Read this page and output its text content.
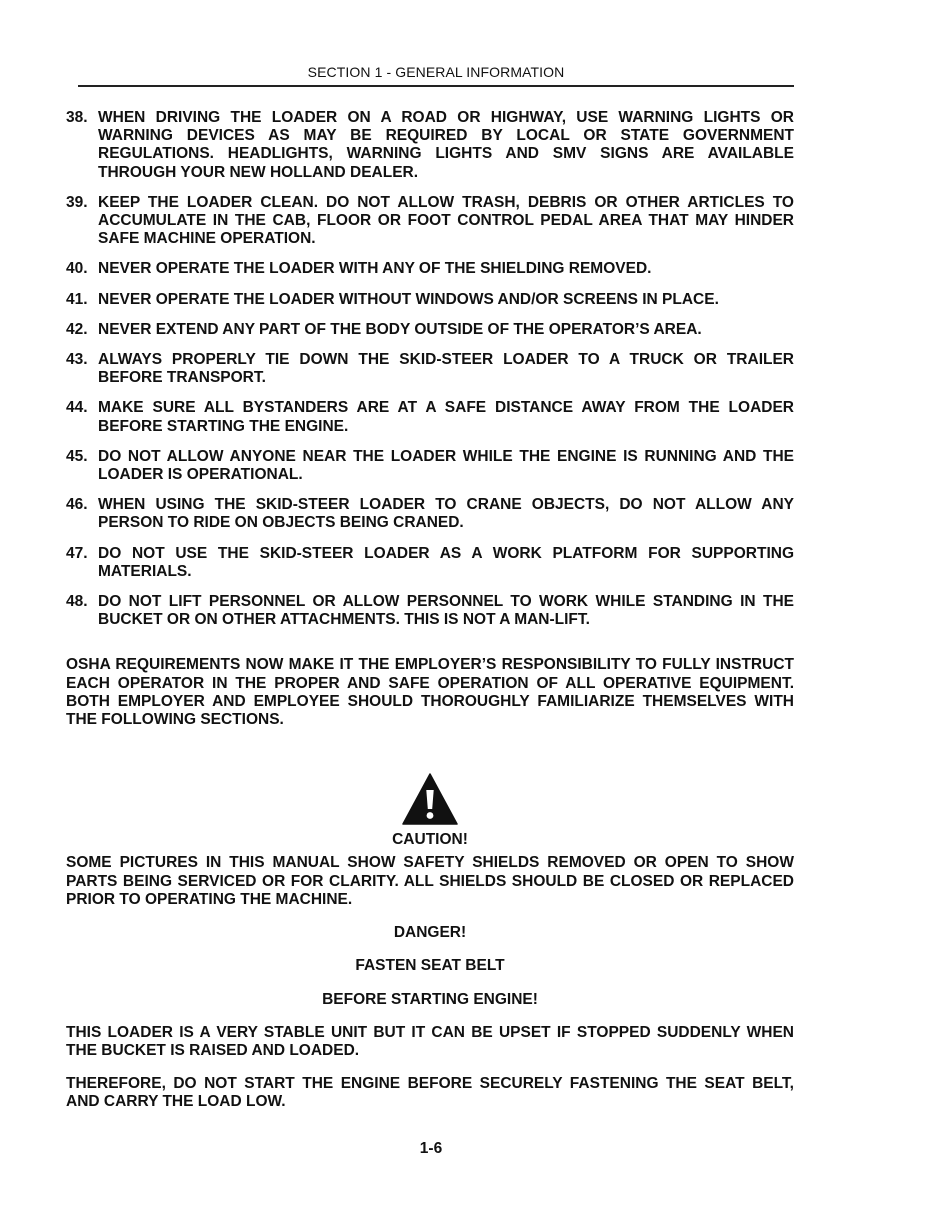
SECTION 1 - GENERAL INFORMATION
38. WHEN DRIVING THE LOADER ON A ROAD OR HIGHWAY, USE WARNING LIGHTS OR WARNING DEVICES AS MAY BE REQUIRED BY LOCAL OR STATE GOVERNMENT REGULATIONS. HEADLIGHTS, WARNING LIGHTS AND SMV SIGNS ARE AVAILABLE THROUGH YOUR NEW HOLLAND DEALER.
39. KEEP THE LOADER CLEAN. DO NOT ALLOW TRASH, DEBRIS OR OTHER ARTICLES TO ACCUMULATE IN THE CAB, FLOOR OR FOOT CONTROL PEDAL AREA THAT MAY HINDER SAFE MACHINE OPERATION.
40. NEVER OPERATE THE LOADER WITH ANY OF THE SHIELDING REMOVED.
41. NEVER OPERATE THE LOADER WITHOUT WINDOWS AND/OR SCREENS IN PLACE.
42. NEVER EXTEND ANY PART OF THE BODY OUTSIDE OF THE OPERATOR’S AREA.
43. ALWAYS PROPERLY TIE DOWN THE SKID-STEER LOADER TO A TRUCK OR TRAILER BEFORE TRANSPORT.
44. MAKE SURE ALL BYSTANDERS ARE AT A SAFE DISTANCE AWAY FROM THE LOADER BEFORE STARTING THE ENGINE.
45. DO NOT ALLOW ANYONE NEAR THE LOADER WHILE THE ENGINE IS RUNNING AND THE LOADER IS OPERATIONAL.
46. WHEN USING THE SKID-STEER LOADER TO CRANE OBJECTS, DO NOT ALLOW ANY PERSON TO RIDE ON OBJECTS BEING CRANED.
47. DO NOT USE THE SKID-STEER LOADER AS A WORK PLATFORM FOR SUPPORTING MATERIALS.
48. DO NOT LIFT PERSONNEL OR ALLOW PERSONNEL TO WORK WHILE STANDING IN THE BUCKET OR ON OTHER ATTACHMENTS. THIS IS NOT A MAN-LIFT.

OSHA REQUIREMENTS NOW MAKE IT THE EMPLOYER’S RESPONSIBILITY TO FULLY INSTRUCT EACH OPERATOR IN THE PROPER AND SAFE OPERATION OF ALL OPERATIVE EQUIPMENT. BOTH EMPLOYER AND EMPLOYEE SHOULD THOROUGHLY FAMILIARIZE THEMSELVES WITH THE FOLLOWING SECTIONS.

CAUTION!

SOME PICTURES IN THIS MANUAL SHOW SAFETY SHIELDS REMOVED OR OPEN TO SHOW PARTS BEING SERVICED OR FOR CLARITY. ALL SHIELDS SHOULD BE CLOSED OR REPLACED PRIOR TO OPERATING THE MACHINE.

DANGER!

FASTEN SEAT BELT

BEFORE STARTING ENGINE!

THIS LOADER IS A VERY STABLE UNIT BUT IT CAN BE UPSET IF STOPPED SUDDENLY WHEN THE BUCKET IS RAISED AND LOADED.

THEREFORE, DO NOT START THE ENGINE BEFORE SECURELY FASTENING THE SEAT BELT, AND CARRY THE LOAD LOW.

1-6
